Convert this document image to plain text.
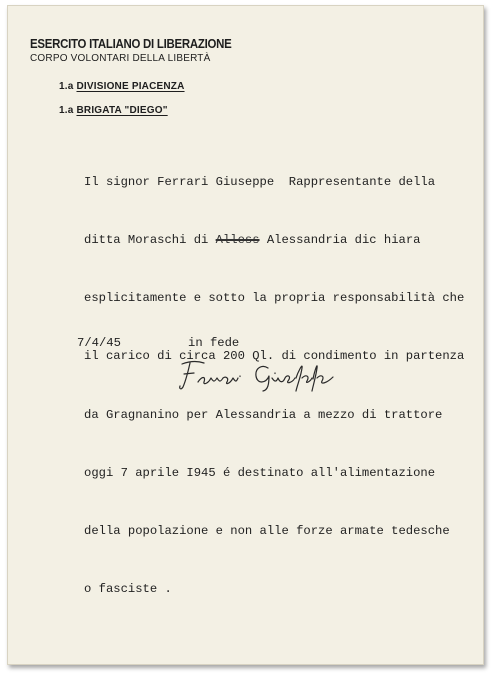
ESERCITO ITALIANO DI LIBERAZIONE
CORPO VOLONTARI DELLA LIBERTÀ
1.a DIVISIONE PIACENZA
1.a BRIGATA "DIEGO"

Il signor Ferrari Giuseppe  Rappresentante della

ditta Moraschi di Alless Alessandria dic hiara

esplicitamente e sotto la propria responsabilità che

il carico di circa 200 Ql. di condimento in partenza

da Gragnanino per Alessandria a mezzo di trattore

oggi 7 aprile I945 é destinato all'alimentazione

della popolazione e non alle forze armate tedesche

o fasciste .

7/4/45	in fede
